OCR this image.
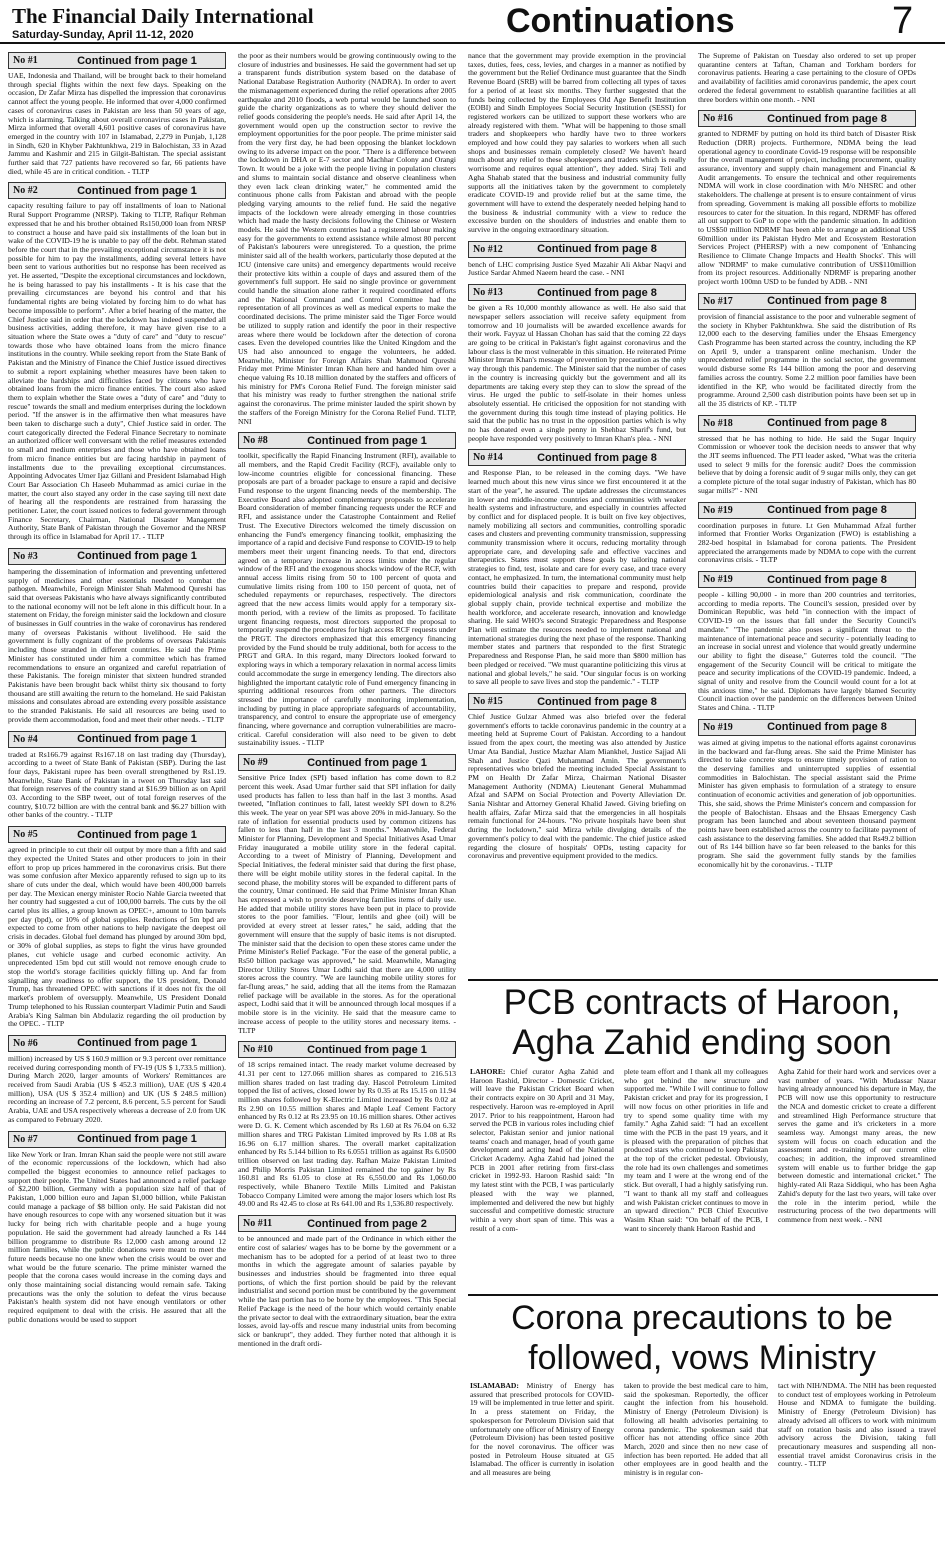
The Financial Daily International
Saturday-Sunday, April 11-12, 2020	Continuations	7
No #1	Continued from page 1
UAE, Indonesia and Thailand, will be brought back to their homeland through special flights within the next few days. Speaking on the occasion, Dr Zafar Mirza has dispelled the impression that coronavirus cannot affect the young people. He informed that over 4,000 confirmed cases of coronavirus cases in Pakistan are less than 50 years of age, which is alarming. Talking about overall coronavirus cases in Pakistan, Mirza informed that overall 4,601 positive cases of coronavirus have emerged in the country with 107 in Islamabad, 2,279 in Punjab, 1,128 in Sindh, 620 in Khyber Pakhtunkhwa, 219 in Balochistan, 33 in Azad Jammu and Kashmir and 215 in Gilgit-Baltistan. The special assistant further said that 727 patients have recovered so far, 66 patients have died, while 45 are in critical condition. - TLTP
No #2	Continued from page 1
capacity resulting failure to pay off installments of loan to National Rural Support Programme (NRSP). Taking to TLTP, Rafiqur Rehman expressed that he and his brother obtained Rs150,000 loan from NRSP to construct a house and have paid six installments of the loan but in wake of the COVID-19 he is unable to pay off the debt. Rehman stated before the court that in the prevailing exceptional circumstance it is not possible for him to pay the installments, adding several letters have been sent to various authorities but no response has been received as yet. He asserted, "Despite the exceptional circumstances and lockdown, he is being harassed to pay his installments - It is his case that the prevailing circumstances are beyond his control and that his fundamental rights are being violated by forcing him to do what has become impossible to perform". After a brief hearing of the matter, the Chief Justice said in order that the lockdown has indeed suspended all business activities, adding therefore, it may have given rise to a situation where the State owes a "duty of care" and "duty to rescue" towards those who have obtained loans from the micro finance institutions in the country. While seeking report from the State Bank of Pakistan and the Ministry of Finance the Chief Justice issued directives to submit a report explaining whether measures have been taken to alleviate the hardships and difficulties faced by citizens who have obtained loans from the micro finance entities. The court also asked them to explain whether the State owes a "duty of care" and "duty to rescue" towards the small and medium enterprises during the lockdown period. "If the answer is in the affirmative then what measures have been taken to discharge such a duty", Chief Justice said in order. The court categorically directed the Federal Finance Secretary to nominate an authorized officer well conversant with the relief measures extended to small and medium enterprises and those who have obtained loans from micro finance entities but are facing hardship in payment of installments due to the prevailing exceptional circumstances. Appointing Advocates Umer Ijaz Gillani and President Islamabad High Court Bar Association Ch Haseeb Muhammad as amici curiae in the matter, the court also stayed any order in the case saying till next date of hearing all the respondents are restrained from harassing the petitioner. Later, the court issued notices to federal government through Finance Secretary, Chairman, National Disaster Management Authority, State Bank of Pakistan through the Governor and the NRSP through its office in Islamabad for April 17. - TLTP
No #3	Continued from page 1
hampering the dissemination of information and preventing unfettered supply of medicines and other essentials needed to combat the pathogen. Meanwhile, Foreign Minister Shah Mahmood Qureshi has said that overseas Pakistanis who have always significantly contributed to the national economy will not be left alone in this difficult hour. In a statement on Friday, the foreign minister said the lockdown and closure of businesses in Gulf countries in the wake of coronavirus has rendered many of overseas Pakistanis without livelihood. He said the government is fully cognizant of the problems of overseas Pakistanis including those stranded in different countries. He said the Prime Minister has constituted under him a committee which has framed recommendations to ensure an organized and careful repatriation of these Pakistanis. The foreign minister that sixteen hundred stranded Pakistanis have been brought back whilst thirty six thousand to forty thousand are still awaiting the return to the homeland. He said Pakistan missions and consulates abroad are extending every possible assistance to the stranded Pakistanis. He said all resources are being used to provide them accommodation, food and meet their other needs. - TLTP
No #4	Continued from page 1
traded at Rs166.79 against Rs167.18 on last trading day (Thursday), according to a tweet of State Bank of Pakistan (SBP). During the last four days, Pakistani rupee has been overall strengthened by Rs1.19. Meanwhile, State Bank of Pakistan in a tweet on Thursday last said that foreign reserves of the country stand at $16.99 billion as on April 03. According to the SBP tweet, out of total foreign reserves of the country, $10.72 billion are with the central bank and $6.27 billion with other banks of the country. - TLTP
No #5	Continued from page 1
agreed in principle to cut their oil output by more than a fifth and said they expected the United States and other producers to join in their effort to prop up prices hammered in the coronavirus crisis. But there was some confusion after Mexico apparently refused to sign up to its share of cuts under the deal, which would have been 400,000 barrels per day. The Mexican energy minister Rocio Nahle Garcia tweeted that her country had suggested a cut of 100,000 barrels. The cuts by the oil cartel plus its allies, a group known as OPEC+, amount to 10m barrels per day (bpd), or 10% of global supplies. Reductions of 5m bpd are expected to come from other nations to help navigate the deepest oil crisis in decades. Global fuel demand has plunged by around 30m bpd, or 30% of global supplies, as steps to fight the virus have grounded planes, cut vehicle usage and curbed economic activity. An unprecedented 15m bpd cut still would not remove enough crude to stop the world's storage facilities quickly filling up. And far from signalling any readiness to offer support, the US president, Donald Trump, has threatened OPEC with sanctions if it does not fix the oil market's problem of oversupply. Meanwhile, US President Donald Trump telephoned to his Russian counterpart Vladimir Putin and Saudi Arabia's King Salman bin Abdulaziz regarding the oil production by the OPEC. - TLTP
No #6	Continued from page 1
million) increased by US $ 160.9 million or 9.3 percent over remittance received during corresponding month of FY-19 (US $ 1,733.5 million). During March 2020, larger amounts of Workers' Remittances are received from Saudi Arabia (US $ 452.3 million), UAE (US $ 420.4 million), USA (US $ 352.4 million) and UK (US $ 248.5 million) recording an increase of 7.2 percent, 8.6 percent, 5.5 percent for Saudi Arabia, UAE and USA respectively whereas a decrease of 2.0 from UK as compared to February 2020.
No #7	Continued from page 1
like New York or Iran. Imran Khan said the people were not still aware of the economic repercussions of the lockdown, which had also compelled the biggest economies to announce relief packages to support their people. The United States had announced a relief package of $2,200 billion, Germany with a population size half of that of Pakistan, 1,000 billion euro and Japan $1,000 billion, while Pakistan could manage a package of $8 billion only. He said Pakistan did not have enough resources to cope with any worsened situation but it was lucky for being rich with charitable people and a huge young population. He said the government had already launched a Rs 144 billion programme to distribute Rs 12,000 cash among around 12 million families, while the public donations were meant to meet the future needs because no one knew when the crisis would be over and what would be the future scenario. The prime minister warned the people that the corona cases would increase in the coming days and only those maintaining social distancing would remain safe. Taking precautions was the only the solution to defeat the virus because Pakistan's health system did not have enough ventilators or other required equipment to deal with the crisis. He assured that all the public donations would be used to support
the poor as their numbers would be growing continuously owing to the closure of industries and businesses. He said the government had set up a transparent funds distribution system based on the database of National Database Registration Authority (NADRA). In order to avert the mismanagement experienced during the relief operations after 2005 earthquake and 2010 floods, a web portal would be launched soon to guide the charity organizations as to where they should deliver the relief goods considering the people's needs. He said after April 14, the government would open up the construction sector to revive the employment opportunities for the poor people. The prime minister said from the very first day, he had been opposing the blanket lockdown owing to its adverse impact on the poor. "There is a difference between the lockdown in DHA or E-7 sector and Machhar Colony and Orangi Town. It would be a joke with the people living in population clusters and slums to maintain social distance and observe cleanliness when they even lack clean drinking water," he commented amid the continuous phone calls from Pakistan and abroad with the people pledging varying amounts to the relief fund. He said the negative impacts of the lockdown were already emerging in those countries which had made the hasty decisions following the Chinese or Western models. He said the Western countries had a registered labour making easy for the governments to extend assistance while almost 80 percent of Pakistan's labourers were unregistered. To a question, the prime minister said all of the health workers, particularly those deputed at the ICU (intensive care units) and emergency departments would receive their protective kits within a couple of days and assured them of the government's full support. He said no single province or government could handle the situation alone rather it required coordinated efforts and the National Command and Control Committee had the representation of all provinces as well as medical experts to make the coordinated decisions. The prime minister said the Tiger Force would be utilized to supply ration and identify the poor in their respective areas where there would be lockdown after the detection of corona cases. Even the developed countries like the United Kingdom and the US had also announced to engage the volunteers, he added. Meanwhile, Minister for Foreign Affairs Shah Mahmood Qureshi Friday met Prime Minister Imran Khan here and handed him over a cheque valuing Rs 10.18 million donated by the staffers and officers of his ministry for PM's Corona Relief Fund. The foreign minister said that his ministry was ready to further strengthen the national strife against the coronavirus. The prime minister lauded the spirit shown by the staffers of the Foreign Ministry for the Corona Relief Fund. TLTP, NNI
No #8	Continued from page 1
toolkit, specifically the Rapid Financing Instrument (RFI), available to all members, and the Rapid Credit Facility (RCF), available only to low-income countries eligible for concessional financing. These proposals are part of a broader package to ensure a rapid and decisive Fund response to the urgent financing needs of the membership. The Executive Board also adopted complementary proposals to accelerate Board consideration of member financing requests under the RCF and RFI, and assistance under the Catastrophe Containment and Relief Trust. The Executive Directors welcomed the timely discussion on enhancing the Fund's emergency financing toolkit, emphasizing the importance of a rapid and decisive Fund response to COVID-19 to help members meet their urgent financing needs. To that end, directors agreed on a temporary increase in access limits under the regular window of the RFI and the exogenous shocks window of the RCF, with annual access limits rising from 50 to 100 percent of quota and cumulative limits rising from 100 to 150 percent of quota, net of scheduled repayments or repurchases, respectively. The directors agreed that the new access limits would apply for a temporary six-month period, with a review of the limits as proposed. To facilitate urgent financing requests, most directors supported the proposal to temporarily suspend the procedures for high access RCF requests under the PRGT. The directors emphasized that this emergency financing provided by the Fund should be truly additional, both for access to the PRGT and GRA. In this regard, many Directors looked forward to exploring ways in which a temporary relaxation in normal access limits could accommodate the surge in emergency lending. The directors also highlighted the important catalytic role of Fund emergency financing in spurring additional resources from other partners. The directors stressed the importance of carefully monitoring implementation, including by putting in place appropriate safeguards of accountability, transparency, and control to ensure the appropriate use of emergency financing, where governance and corruption vulnerabilities are macro-critical. Careful consideration will also need to be given to debt sustainability issues. - TLTP
No #9	Continued from page 1
Sensitive Price Index (SPI) based inflation has come down to 8.2 percent this week. Asad Umar further said that SPI inflation for daily used products has fallen to less than half in the last 3 months. Asad tweeted, "Inflation continues to fall, latest weekly SPI down to 8.2% this week. The year on year SPI was above 20% in mid-January. So the rate of inflation for essential products used by common citizens has fallen to less than half in the last 3 months." Meanwhile, Federal Minister for Planning, Development and Special Initiatives Asad Umar Friday inaugurated a mobile utility store in the federal capital. According to a tweet of Ministry of Planning, Development and Special Initiatives, the federal minister said that during the first phase, there will be eight mobile utility stores in the federal capital. In the second phase, the mobility stores will be expanded to different parts of the country, Umar continued. He said that Prime Minister Imran Khan has expressed a wish to provide deserving families items of daily use. He added that mobile utility stores have been put in place to provide stores to the poor families. "Flour, lentils and ghee (oil) will be provided at every street at lesser rates," he said, adding that the government will ensure that the supply of basic items is not disrupted. The minister said that the decision to open these stores came under the Prime Minister's Relief Package. "For the ease of the general public, a Rs50 billion package was approved," he said. Meanwhile, Managing Director Utility Stores Umar Lodhi said that there are 4,000 utility stores across the country. "We are launching mobile utility stores for far-flung areas," he said, adding that all the items from the Ramazan relief package will be available in the stores. As for the operational aspect, Lodhi said that it will be announced through local mosques if a mobile store is in the vicinity. He said that the measure came to increase access of people to the utility stores and necessary items. - TLTP
No #10	Continued from page 1
of 18 scrips remained intact. The ready market volume decreased by 41.31 per cent to 127.066 million shares as compared to 216.513 million shares traded on last trading day. Hascol Petroleum Limited topped the list of actives, closed lower by Rs 0.35 at Rs 15.15 on 11.94 million shares followed by K-Electric Limited increased by Rs 0.02 at Rs 2.90 on 10.55 million shares and Maple Leaf Cement Factory enhanced by Rs 0.12 at Rs 23.95 on 10.16 million shares. Other actives were D. G. K. Cement which ascended by Rs 1.60 at Rs 76.04 on 6.32 million shares and TRG Pakistan Limited improved by Rs 1.08 at Rs 16.96 on 6.17 million shares. The overall market capitalization enhanced by Rs 5.144 billion to Rs 6.0551 trillion as against Rs 6.0500 trillion observed on last trading day. Rafhan Maize Pakistan Limited and Philip Morris Pakistan Limited remained the top gainer by Rs 160.81 and Rs 61.05 to close at Rs 6,550.00 and Rs 1,060.00 respectively, while Bhanero Textile Mills Limited and Pakistan Tobacco Company Limited were among the major losers which lost Rs 49.00 and Rs 42.45 to close at Rs 641.00 and Rs 1,536.80 respectively.
No #11	Continued from page 2
to be announced and made part of the Ordinance in which either the entire cost of salaries/ wages has to be borne by the government or a mechanism has to be adopted for a period of at least two to three months in which the aggregate amount of salaries payable by businesses and industries should be fragmented into three equal portions, of which the first portion should be paid by the relevant industrialist and second portion must be contributed by the government while the last portion has to be borne by the employees. "This Special Relief Package is the need of the hour which would certainly enable the private sector to deal with the extraordinary situation, bear the extra losses, avoid lay-offs and rescue many industrial units from becoming sick or bankrupt", they added. They further noted that although it is mentioned in the draft ordi-
nance that the government may provide exemption in the provincial taxes, duties, fees, cess, levies, and charges in a manner as notified by the government but the Relief Ordinance must guarantee that the Sindh Revenue Board (SRB) will be barred from collecting all types of taxes for a period of at least six months. They further suggested that the funds being collected by the Employees Old Age Benefit Institution (EOBI) and Sindh Employees Social Security Institution (SESSI) for registered workers can be utilized to support these workers who are already registered with them. "What will be happening to those small traders and shopkeepers who hardly have two to three workers employed and how could they pay salaries to workers when all such shops and businesses remain completely closed? We haven't heard much about any relief to these shopkeepers and traders which is really worrisome and requires equal attention", they added. Siraj Teli and Agha Shahab stated that the business and industrial community fully supports all the initiatives taken by the government to completely eradicate COVID-19 and provide relief but at the same time, the government will have to extend the desperately needed helping hand to the business & industrial community with a view to reduce the excessive burden on the shoulders of industries and enable them to survive in the ongoing extraordinary situation.
No #12	Continued from page 8
bench of LHC comprising Justice Syed Mazahir Ali Akbar Naqvi and Justice Sardar Ahmed Naeem heard the case. - NNI
No #13	Continued from page 8
be given a Rs 10,000 monthly allowance as well. He also said that newspaper sellers association will receive safety equipment from tomorrow and 10 journalists will be awarded excellence awards for their work. Fayyaz ul Hassan Chohan has said that the coming 22 days are going to be critical in Pakistan's fight against coronavirus and the labour class is the most vulnerable in this situation. He reiterated Prime Minister Imran Khan's message of prevention by precaution as the only way through this pandemic. The Minister said that the number of cases in the country is increasing quickly but the government and all its departments are taking every step they can to slow the spread of the virus. He urged the public to self-isolate in their homes unless absolutely essential. He criticised the opposition for not standing with the government during this tough time instead of playing politics. He said that the public has no trust in the opposition parties which is why no has donated even a single penny in Shehbaz Sharif's fund, but people have responded very positively to Imran Khan's plea. - NNI
No #14	Continued from page 8
and Response Plan, to be released in the coming days. "We have learned much about this new virus since we first encountered it at the start of the year", he assured. The update addresses the circumstances in lower and middle-income countries and communities with weaker health systems and infrastructure, and especially in countries affected by conflict and for displaced people. It is built on five key objectives, namely mobilizing all sectors and communities, controlling sporadic cases and clusters and preventing community transmission, suppressing community transmission where it occurs, reducing mortality through appropriate care, and developing safe and effective vaccines and therapeutics. States must support these goals by tailoring national strategies to find, test, isolate and care for every case, and trace every contact, he emphasized. In turn, the international community must help countries build their capacities to prepare and respond, provide epidemiological analysis and risk communication, coordinate the global supply chain, provide technical expertise and mobilize the health workforce, and accelerate research, innovation and knowledge sharing. He said WHO's second Strategic Preparedness and Response Plan will estimate the resources needed to implement national and international strategies during the next phase of the response. Thanking member states and partners that responded to the first Strategic Preparedness and Response Plan, he said more than $800 million has been pledged or received. "We must quarantine politicizing this virus at national and global levels," he said. "Our singular focus is on working to save all people to save lives and stop the pandemic." - TLTP
No #15	Continued from page 8
Chief Justice Gulzar Ahmed was also briefed over the federal government's efforts to tackle coronavirus pandemic in the country at a meeting held at Supreme Court of Pakistan. According to a handout issued from the apex court, the meeting was also attended by Justice Umar Ata Bandial, Justice Mazhar Alam Miankhel, Justice Sajjad Ali Shah and Justice Qazi Muhammad Amin. The government's representatives who briefed the meeting included Special Assistant to PM on Health Dr Zafar Mirza, Chairman National Disaster Management Authority (NDMA) Lieutenant General Muhammad Afzal and SAPM on Social Protection and Poverty Alleviation Dr. Sania Nishtar and Attorney General Khalid Jawed. Giving briefing on health affairs, Zafar Mirza said that the emergencies in all hospitals remain functional for 24-hours. "No private hospitals have been shut during the lockdown," said Mirza while divulging details of the government's policy to deal with the pandemic. The chief justice asked regarding the closure of hospitals' OPDs, testing capacity for coronavirus and preventive equipment provided to the medics.
The Supreme of Pakistan on Tuesday also ordered to set up proper quarantine centers at Taftan, Chaman and Torkham borders for coronavirus patients. Hearing a case pertaining to the closure of OPDs and availability of facilities amid coronavirus pandemic, the apex court ordered the federal government to establish quarantine facilities at all three borders within one month. - NNI
No #16	Continued from page 8
granted to NDRMF by putting on hold its third batch of Disaster Risk Reduction (DRR) projects. Furthermore, NDMA being the lead operational agency to coordinate Covid-19 response will be responsible for the overall management of project, including procurement, quality assurance, inventory and supply chain management and Financial & Audit arrangements. To ensure the technical and other requirements NDMA will work in close coordination with M/o NHSRC and other stakeholders. The challenge at present is to ensure containment of virus from spreading. Government is making all possible efforts to mobilize resources to cater for the situation. In this regard, NDRMF has offered all out support to GoP to cope with the pandemic situation. In addition to US$50 million NDRMF has been able to arrange an additional US$ 60million under its Pakistan Hydro Met and Ecosystem Restoration Services Project (PHERSP) with a new component of 'Enhancing Resilience to Climate Change Impacts and Health Shocks'. This will allow 'NDRMF' to make cumulative contribution of US$110million from its project resources. Additionally NDRMF is preparing another project worth 100mn USD to be funded by ADB. - NNI
No #17	Continued from page 8
provision of financial assistance to the poor and vulnerable segment of the society in Khyber Pakhtunkhwa. She said the distribution of Rs 12,000 each to the deserving families under the Ehsaas Emergency Cash Programme has been started across the country, including the KP on April 9, under a transparent online mechanism. Under the unprecedented relief programme in the social sector, the government would disburse some Rs 144 billion among the poor and deserving families across the country. Some 2.2 million poor families have been identified in the KP, who would be facilitated directly from the programme. Around 2,500 cash distribution points have been set up in all the 35 districts of KP. - TLTP
No #18	Continued from page 8
stressed that he has nothing to hide. He said the Sugar Inquiry Commission or whoever took the decision needs to answer that why the JIT seems influenced. The PTI leader asked, "What was the criteria used to select 9 mills for the forensic audit? Does the commission believe that by doing a forensic audit of 9 sugar mills only, they can get a complete picture of the total sugar industry of Pakistan, which has 80 sugar mills?" - NNI
No #19	Continued from page 8
coordination purposes in future. Lt Gen Muhammad Afzal further informed that Frontier Works Organization (FWO) is establishing a 282-bed hospital in Islamabad for corona patients. The President appreciated the arrangements made by NDMA to cope with the current coronavirus crisis. - TLTP
No #19	Continued from page 8
people - killing 90,000 - in more than 200 countries and territories, according to media reports. The Council's session, presided over by Dominican Republic, was held "in connection with the impact of COVID-19 on the issues that fall under the Security Council's mandate." "The pandemic also poses a significant threat to the maintenance of international peace and security - potentially leading to an increase in social unrest and violence that would greatly undermine our ability to fight the disease," Guterres told the council. "The engagement of the Security Council will be critical to mitigate the peace and security implications of the COVID-19 pandemic. Indeed, a signal of unity and resolve from the Council would count for a lot at this anxious time," he said. Diplomats have largely blamed Security Council inaction over the pandemic on the differences between United States and China. - TLTP
No #19	Continued from page 8
was aimed at giving impetus to the national efforts against coronavirus in the backward and far-flung areas. She said the Prime Minister has directed to take concrete steps to ensure timely provision of ration to the deserving families and uninterrupted supplies of essential commodities in Balochistan. The special assistant said the Prime Minister has given emphasis to formulation of a strategy to ensure continuation of economic activities and generation of job opportunities. This, she said, shows the Prime Minister's concern and compassion for the people of Balochistan. Ehsaas and the Ehsaas Emergency Cash program has been launched and about seventeen thousand payment points have been established across the country to facilitate payment of cash assistance to the deserving families. She added that Rs49.2 billion out of Rs 144 billion have so far been released to the banks for this program. She said the government fully stands by the families economically hit by the coronavirus. - TLTP
PCB contracts of Haroon,
Agha Zahid ending soon
LAHORE: Chief curator Agha Zahid and Haroon Rashid, Director - Domestic Cricket, will leave the Pakistan Cricket Board when their contracts expire on 30 April and 31 May, respectively. Haroon was re-employed in April 2017. Prior to his reappointment, Haroon had served the PCB in various roles including chief selector, Pakistan senior and junior national teams' coach and manager, head of youth game development and acting head of the National Cricket Academy. Agha Zahid had joined the PCB in 2001 after retiring from first-class cricket in 1992-93. Haroon Rashid said: "In my latest stint with the PCB, I was particularly pleased with the way we planned, implemented and delivered the new but highly successful and competitive domestic structure within a very short span of time. This was a result of a com-
plete team effort and I thank all my colleagues who got behind the new structure and supported me. "While I will continue to follow Pakistan cricket and pray for its progression, I will now focus on other priorities in life and try to spend some quality time with my family." Agha Zahid said: "I had an excellent time with the PCB in the past 19 years, and it is pleased with the preparation of pitches that produced stars who continued to keep Pakistan at the top of the cricket pedestal. Obviously, the role had its own challenges and sometimes my team and I were at the wrong end of the stick. But overall, I had a highly satisfying run. "I want to thank all my staff and colleagues and wish Pakistan cricket continues to move in an upward direction." PCB Chief Executive Wasim Khan said: "On behalf of the PCB, I want to sincerely thank Haroon Rashid and
Agha Zahid for their hard work and services over a vast number of years. "With Mudassar Nazar having already announced his departure in May, the PCB will now use this opportunity to restructure the NCA and domestic cricket to create a different and streamlined High Performance structure that serves the game and it's cricketers in a more seamless way. Amongst many areas, the new system will focus on coach education and the assessment and re-training of our current elite coaches; in addition, the improved streamlined system will enable us to further bridge the gap between domestic and international cricket." The highly-rated Ali Raza Siddiqui, who has been Agha Zahid's deputy for the last two years, will take over the role in the interim period, while the restructuring process of the two departments will commence from next week. - NNI
Corona precautions to be
followed, vows Ministry
ISLAMABAD: Ministry of Energy has assured that prescribed protocols for COVID-19 will be implemented in true letter and spirit. In a press statement on Friday, the spokesperson for Petroleum Division said that unfortunately one officer of Ministry of Energy (Petroleum Division) has been tested positive for the novel coronavirus. The officer was posted in Petroleum House situated at G5 Islamabad. The officer is currently in isolation and all measures are being
taken to provide the best medical care to him, said the spokesman. Reportedly, the officer caught the infection from his household. Ministry of Energy (Petroleum Division) is following all health advisories pertaining to corona pandemic. The spokesman said that officer has not attending office since 20th March, 2020 and since then no new case of infection has been reported. He added that all other employees are in good health and the ministry is in regular con-
tact with NIH/NDMA. The NIH has been requested to conduct test of employees working in Petroleum House and NDMA to fumigate the building. Ministry of Energy (Petroleum Division) has already advised all officers to work with minimum staff on rotation basis and also issued a travel advisory across the Division, taking full precautionary measures and suspending all non-essential travel amidst Coronavirus crisis in the country. - TLTP
